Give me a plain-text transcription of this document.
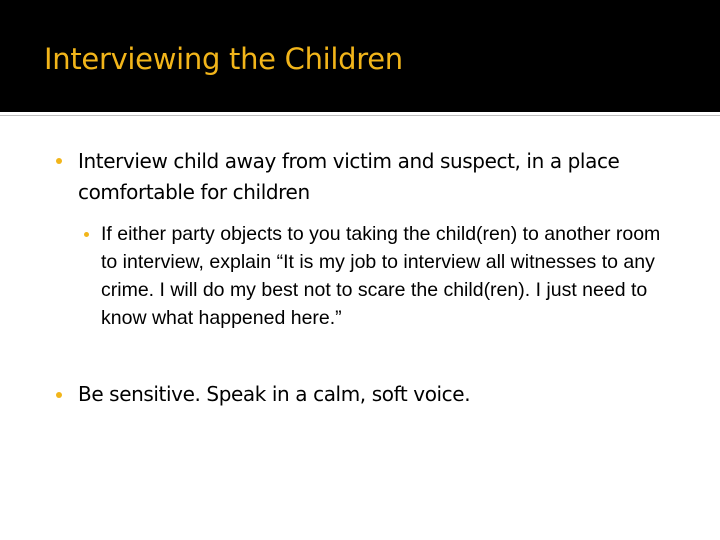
Interviewing the Children

Interview child away from victim and suspect, in a place comfortable for children

If either party objects to you taking the child(ren) to another room to interview, explain “It is my job to interview all witnesses to any crime. I will do my best not to scare the child(ren). I just need to know what happened here.”

Be sensitive. Speak in a calm, soft voice.
